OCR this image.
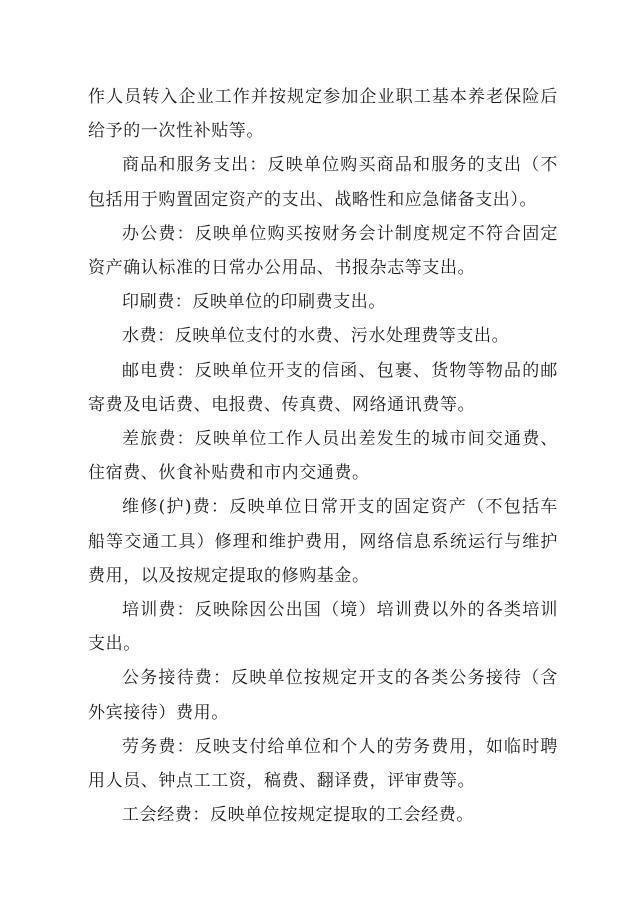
作人员转入企业工作并按规定参加企业职工基本养老保险后给予的一次性补贴等。

商品和服务支出：反映单位购买商品和服务的支出（不包括用于购置固定资产的支出、战略性和应急储备支出）。

办公费：反映单位购买按财务会计制度规定不符合固定资产确认标准的日常办公用品、书报杂志等支出。

印刷费：反映单位的印刷费支出。

水费：反映单位支付的水费、污水处理费等支出。

邮电费：反映单位开支的信函、包裹、货物等物品的邮寄费及电话费、电报费、传真费、网络通讯费等。

差旅费：反映单位工作人员出差发生的城市间交通费、住宿费、伙食补贴费和市内交通费。

维修(护)费：反映单位日常开支的固定资产（不包括车船等交通工具）修理和维护费用，网络信息系统运行与维护费用，以及按规定提取的修购基金。

培训费：反映除因公出国（境）培训费以外的各类培训支出。

公务接待费：反映单位按规定开支的各类公务接待（含外宾接待）费用。

劳务费：反映支付给单位和个人的劳务费用，如临时聘用人员、钟点工工资，稿费、翻译费，评审费等。

工会经费：反映单位按规定提取的工会经费。
